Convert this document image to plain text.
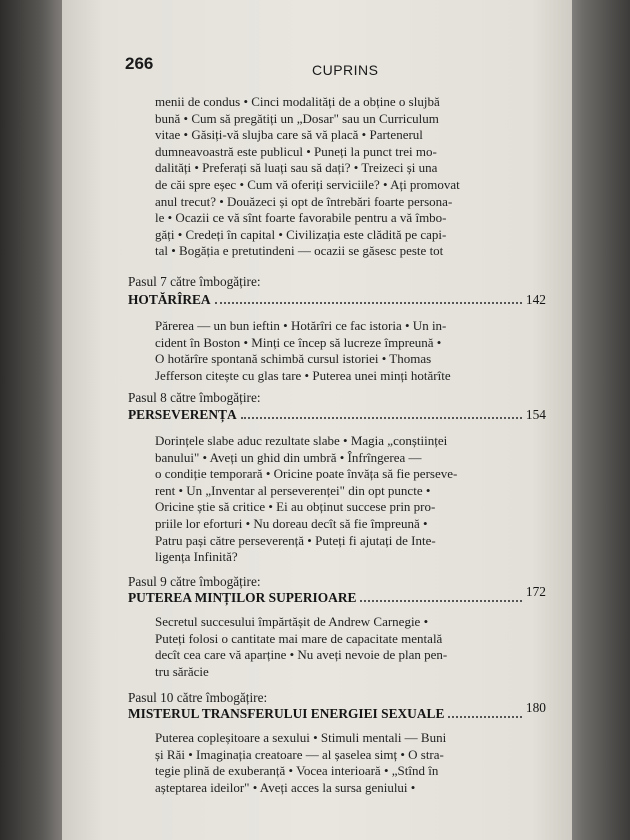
266	CUPRINS

menii de condus • Cinci modalități de a obține o slujbă

bună • Cum să pregătiți un „Dosar" sau un Curriculum

vitae • Găsiți-vă slujba care să vă placă • Partenerul

dumneavoastră este publicul • Puneți la punct trei mo-

dalități • Preferați să luați sau să dați? • Treizeci și una

de căi spre eșec • Cum vă oferiți serviciile? • Ați promovat

anul trecut? • Douăzeci și opt de întrebări foarte persona-

le • Ocazii ce vă sînt foarte favorabile pentru a vă îmbo-

găți • Credeți în capital • Civilizația este clădită pe capi-

tal • Bogăția e pretutindeni — ocazii se găsesc peste tot

Pasul 7 către îmbogățire:
HOTĂRÎREA	142

Părerea — un bun ieftin • Hotărîri ce fac istoria • Un in-

cident în Boston • Minți ce încep să lucreze împreună •

O hotărîre spontană schimbă cursul istoriei • Thomas

Jefferson citește cu glas tare • Puterea unei minți hotărîte

Pasul 8 către îmbogățire:
PERSEVERENȚA	154

Dorințele slabe aduc rezultate slabe • Magia „conștiinței

banului" • Aveți un ghid din umbră • Înfrîngerea —

o condiție temporară • Oricine poate învăța să fie perseve-

rent • Un „Inventar al perseverenței" din opt puncte •

Oricine știe să critice • Ei au obținut succese prin pro-

priile lor eforturi • Nu doreau decît să fie împreună •

Patru pași către perseverență • Puteți fi ajutați de Inte-

ligența Infinită?

Pasul 9 către îmbogățire:
PUTEREA MINȚILOR SUPERIOARE	172

Secretul succesului împărtășit de Andrew Carnegie •

Puteți folosi o cantitate mai mare de capacitate mentală

decît cea care vă aparține • Nu aveți nevoie de plan pen-

tru sărăcie

Pasul 10 către îmbogățire:
MISTERUL TRANSFERULUI ENERGIEI SEXUALE	180

Puterea copleșitoare a sexului • Stimuli mentali — Buni

și Răi • Imaginația creatoare — al șaselea simț • O stra-

tegie plină de exuberanță • Vocea interioară • „Stînd în

așteptarea ideilor" • Aveți acces la sursa geniului •
